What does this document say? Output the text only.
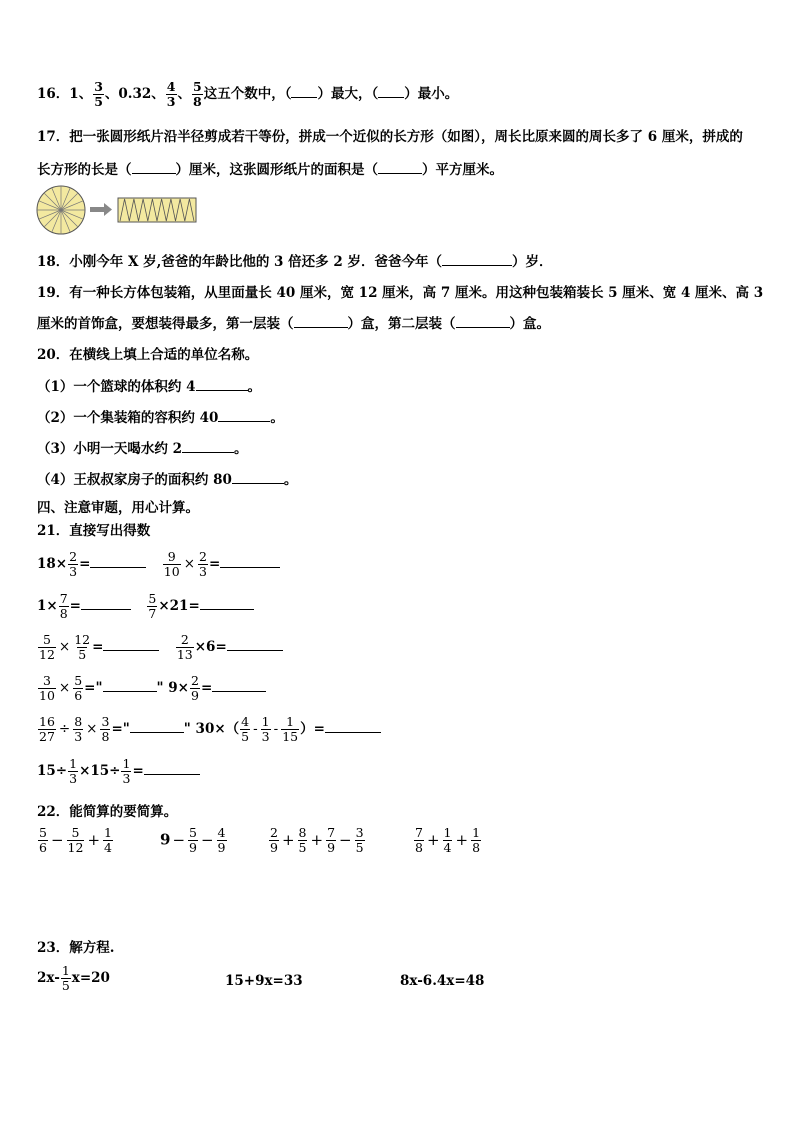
16．1、 $\frac{3}{5}$ 、0.32、 $\frac{4}{3}$ 、 $\frac{5}{8}$ 这五个数中，（ ）最大，（ ）最小。
17．把一张圆形纸片沿半径剪成若干等份，拼成一个近似的长方形（如图），周长比原来圆的周长多了 6 厘米，拼成的
长方形的长是（	）厘米，这张圆形纸片的面积是（	）平方厘米。
18．小刚今年 X 岁,爸爸的年龄比他的 3 倍还多 2 岁．爸爸今年（	）岁．
19．有一种长方体包装箱，从里面量长 40 厘米，宽 12 厘米，高 7 厘米。用这种包装箱装长 5 厘米、宽 4 厘米、高 3
厘米的首饰盒，要想装得最多，第一层装（	）盒，第二层装（	）盒。
20．在横线上填上合适的单位名称。
（1）一个篮球的体积约 4	。
（2）一个集装箱的容积约 40	。
（3）小明一天喝水约 2	。
（4）王叔叔家房子的面积约 80	。
四、注意审题，用心计算。
21．直接写出得数
$18\times \frac{2}{3}$ =	$\frac{9}{10} \times \frac{2}{3}$ =
$1\times \frac{7}{8}$ =	$\frac{5}{7} \times 21=$
$\frac{5}{12} \times \frac{12}{5}$ =	$\frac{2}{13} \times 6=$
$\frac{3}{10} \times \frac{5}{6}$ ="	" $9\times \frac{2}{9}$ =
$\frac{16}{27} \div \frac{8}{3} \times \frac{3}{8}$ ="	" $30\times( \frac{4}{5} - \frac{1}{3} - \frac{1}{15}$ ）=
$15\div \frac{1}{3} \times 15\div \frac{1}{3}$ =
22．能简算的要简算。
$\frac{5}{6} - \frac{5}{12} + \frac{1}{4}$	$9 - \frac{5}{9} - \frac{4}{9}$	$\frac{2}{9} + \frac{8}{5} + \frac{7}{9} - \frac{3}{5}$	$\frac{7}{8} + \frac{1}{4} + \frac{1}{8}$
23．解方程.
$2x- \frac{1}{5} x=20$	15+9x=33	8x-6.4x=48
